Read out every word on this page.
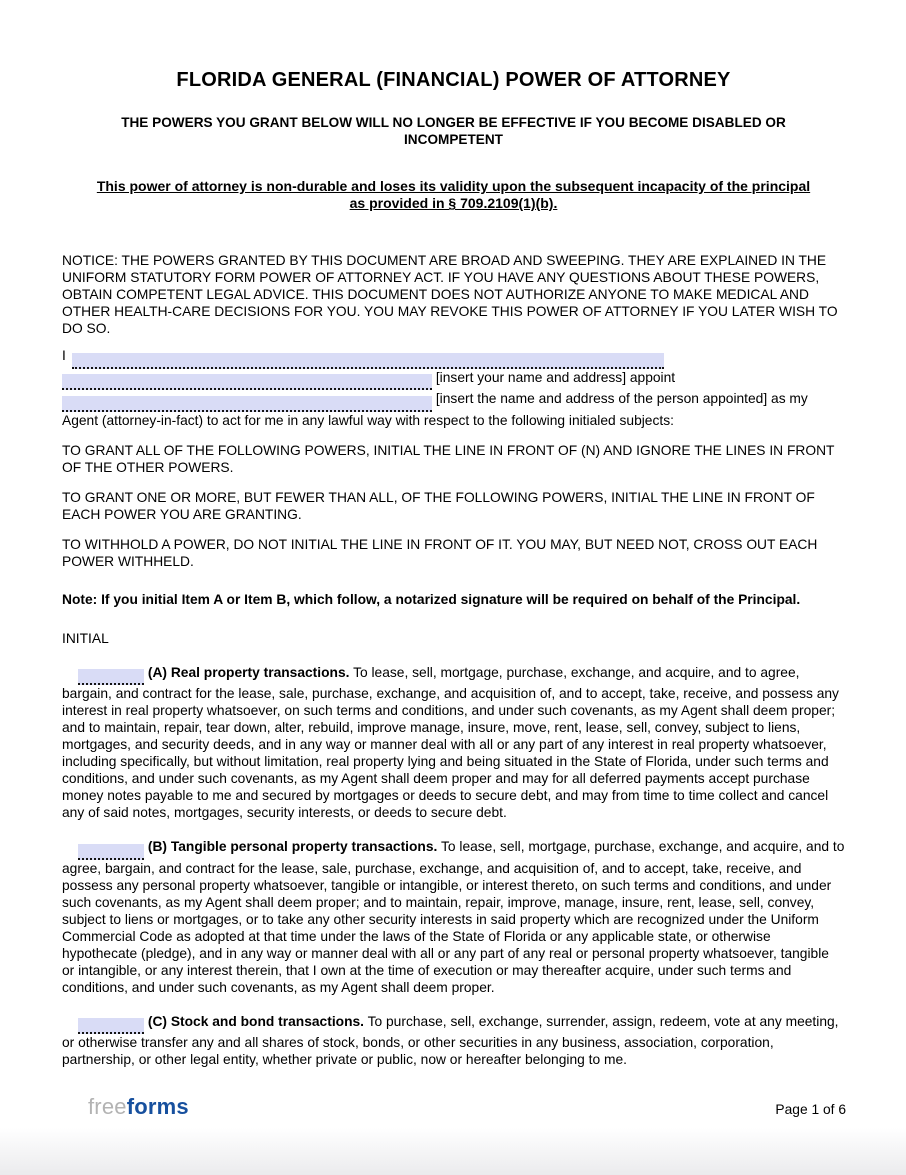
FLORIDA GENERAL (FINANCIAL) POWER OF ATTORNEY
THE POWERS YOU GRANT BELOW WILL NO LONGER BE EFFECTIVE IF YOU BECOME DISABLED OR INCOMPETENT
This power of attorney is non-durable and loses its validity upon the subsequent incapacity of the principal as provided in § 709.2109(1)(b).

NOTICE: THE POWERS GRANTED BY THIS DOCUMENT ARE BROAD AND SWEEPING. THEY ARE EXPLAINED IN THE UNIFORM STATUTORY FORM POWER OF ATTORNEY ACT. IF YOU HAVE ANY QUESTIONS ABOUT THESE POWERS, OBTAIN COMPETENT LEGAL ADVICE. THIS DOCUMENT DOES NOT AUTHORIZE ANYONE TO MAKE MEDICAL AND OTHER HEALTH-CARE DECISIONS FOR YOU. YOU MAY REVOKE THIS POWER OF ATTORNEY IF YOU LATER WISH TO DO SO.

I
[insert your name and address] appoint
[insert the name and address of the person appointed] as my
Agent (attorney-in-fact) to act for me in any lawful way with respect to the following initialed subjects:

TO GRANT ALL OF THE FOLLOWING POWERS, INITIAL THE LINE IN FRONT OF (N) AND IGNORE THE LINES IN FRONT OF THE OTHER POWERS.

TO GRANT ONE OR MORE, BUT FEWER THAN ALL, OF THE FOLLOWING POWERS, INITIAL THE LINE IN FRONT OF EACH POWER YOU ARE GRANTING.

TO WITHHOLD A POWER, DO NOT INITIAL THE LINE IN FRONT OF IT. YOU MAY, BUT NEED NOT, CROSS OUT EACH POWER WITHHELD.

Note: If you initial Item A or Item B, which follow, a notarized signature will be required on behalf of the Principal.

INITIAL

(A) Real property transactions. To lease, sell, mortgage, purchase, exchange, and acquire, and to agree, bargain, and contract for the lease, sale, purchase, exchange, and acquisition of, and to accept, take, receive, and possess any interest in real property whatsoever, on such terms and conditions, and under such covenants, as my Agent shall deem proper; and to maintain, repair, tear down, alter, rebuild, improve manage, insure, move, rent, lease, sell, convey, subject to liens, mortgages, and security deeds, and in any way or manner deal with all or any part of any interest in real property whatsoever, including specifically, but without limitation, real property lying and being situated in the State of Florida, under such terms and conditions, and under such covenants, as my Agent shall deem proper and may for all deferred payments accept purchase money notes payable to me and secured by mortgages or deeds to secure debt, and may from time to time collect and cancel any of said notes, mortgages, security interests, or deeds to secure debt.

(B) Tangible personal property transactions. To lease, sell, mortgage, purchase, exchange, and acquire, and to agree, bargain, and contract for the lease, sale, purchase, exchange, and acquisition of, and to accept, take, receive, and possess any personal property whatsoever, tangible or intangible, or interest thereto, on such terms and conditions, and under such covenants, as my Agent shall deem proper; and to maintain, repair, improve, manage, insure, rent, lease, sell, convey, subject to liens or mortgages, or to take any other security interests in said property which are recognized under the Uniform Commercial Code as adopted at that time under the laws of the State of Florida or any applicable state, or otherwise hypothecate (pledge), and in any way or manner deal with all or any part of any real or personal property whatsoever, tangible or intangible, or any interest therein, that I own at the time of execution or may thereafter acquire, under such terms and conditions, and under such covenants, as my Agent shall deem proper.

(C) Stock and bond transactions. To purchase, sell, exchange, surrender, assign, redeem, vote at any meeting, or otherwise transfer any and all shares of stock, bonds, or other securities in any business, association, corporation, partnership, or other legal entity, whether private or public, now or hereafter belonging to me.

freeforms	Page 1 of 6
